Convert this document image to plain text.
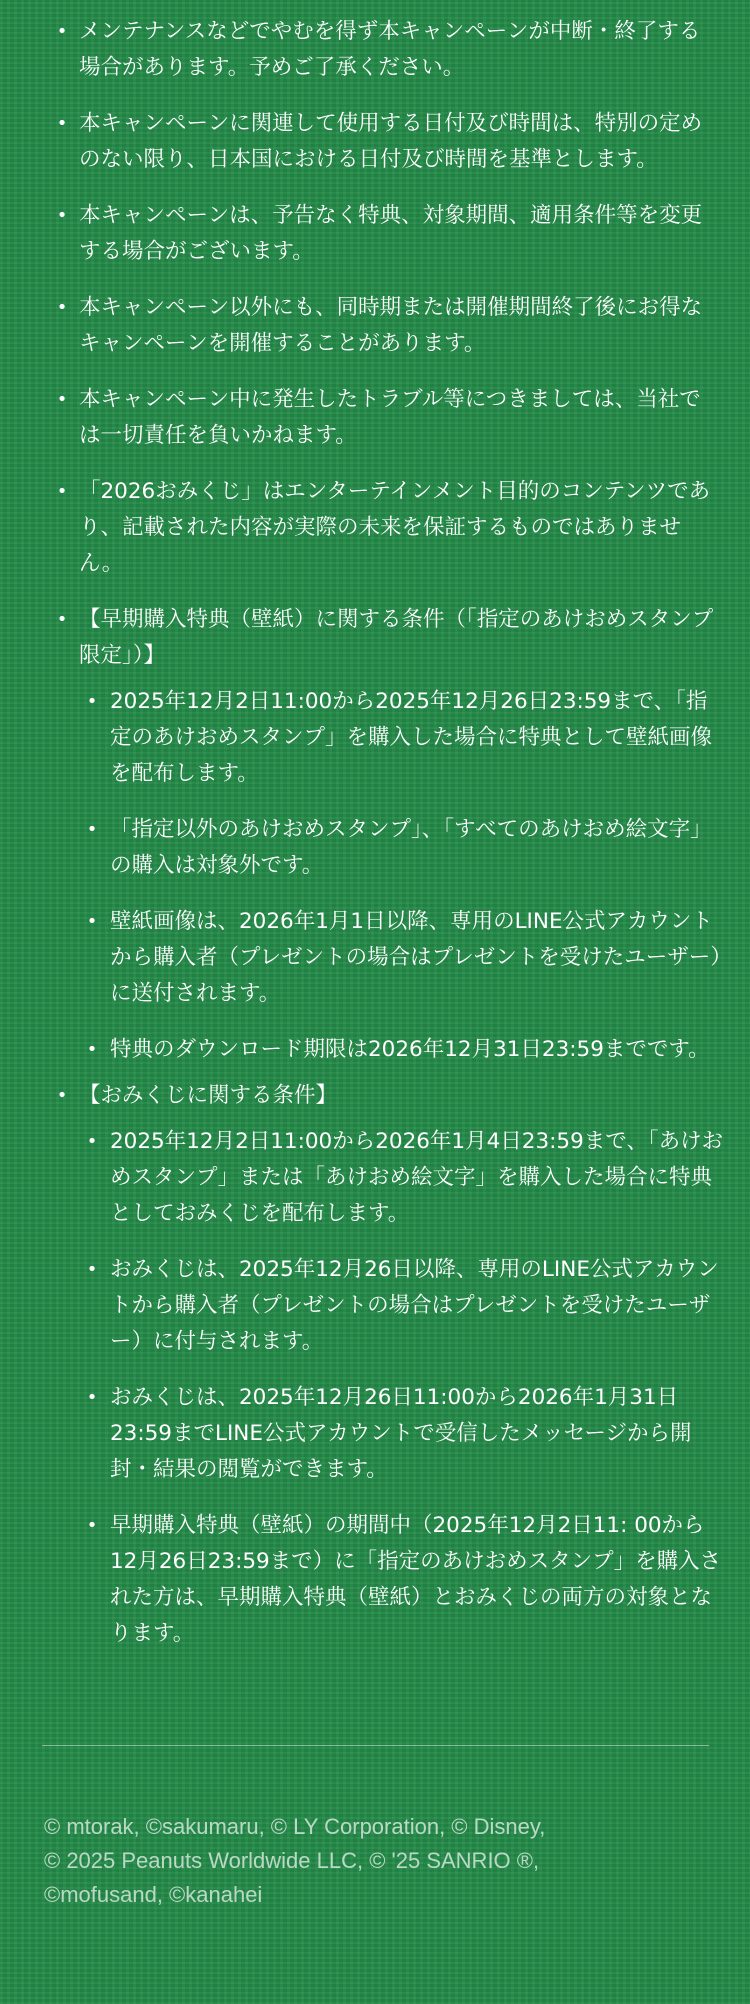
• メンテナンスなどでやむを得ず本キャンペーンが中断・終了する場合があります。予めご了承ください。
• 本キャンペーンに関連して使用する日付及び時間は、特別の定めのない限り、日本国における日付及び時間を基準とします。
• 本キャンペーンは、予告なく特典、対象期間、適用条件等を変更する場合がございます。
• 本キャンペーン以外にも、同時期または開催期間終了後にお得なキャンペーンを開催することがあります。
• 本キャンペーン中に発生したトラブル等につきましては、当社では一切責任を負いかねます。
• 「2026おみくじ」はエンターテインメント目的のコンテンツであり、記載された内容が実際の未来を保証するものではありません。
• 【早期購入特典（壁紙）に関する条件（「指定のあけおめスタンプ限定」）】
• 2025年12月2日11:00から2025年12月26日23:59まで、「指定のあけおめスタンプ」を購入した場合に特典として壁紙画像を配布します。
• 「指定以外のあけおめスタンプ」、「すべてのあけおめ絵文字」の購入は対象外です。
• 壁紙画像は、2026年1月1日以降、専用のLINE公式アカウントから購入者（プレゼントの場合はプレゼントを受けたユーザー）に送付されます。
• 特典のダウンロード期限は2026年12月31日23:59までです。
• 【おみくじに関する条件】
• 2025年12月2日11:00から2026年1月4日23:59まで、「あけおめスタンプ」または「あけおめ絵文字」を購入した場合に特典としておみくじを配布します。
• おみくじは、2025年12月26日以降、専用のLINE公式アカウントから購入者（プレゼントの場合はプレゼントを受けたユーザー）に付与されます。
• おみくじは、2025年12月26日11:00から2026年1月31日23:59までLINE公式アカウントで受信したメッセージから開封・結果の閲覧ができます。
• 早期購入特典（壁紙）の期間中（2025年12月2日11: 00から12月26日23:59まで）に「指定のあけおめスタンプ」を購入された方は、早期購入特典（壁紙）とおみくじの両方の対象となります。
© mtorak, ©sakumaru, © LY Corporation, © Disney,
© 2025 Peanuts Worldwide LLC, © '25 SANRIO ®,
©mofusand, ©kanahei
